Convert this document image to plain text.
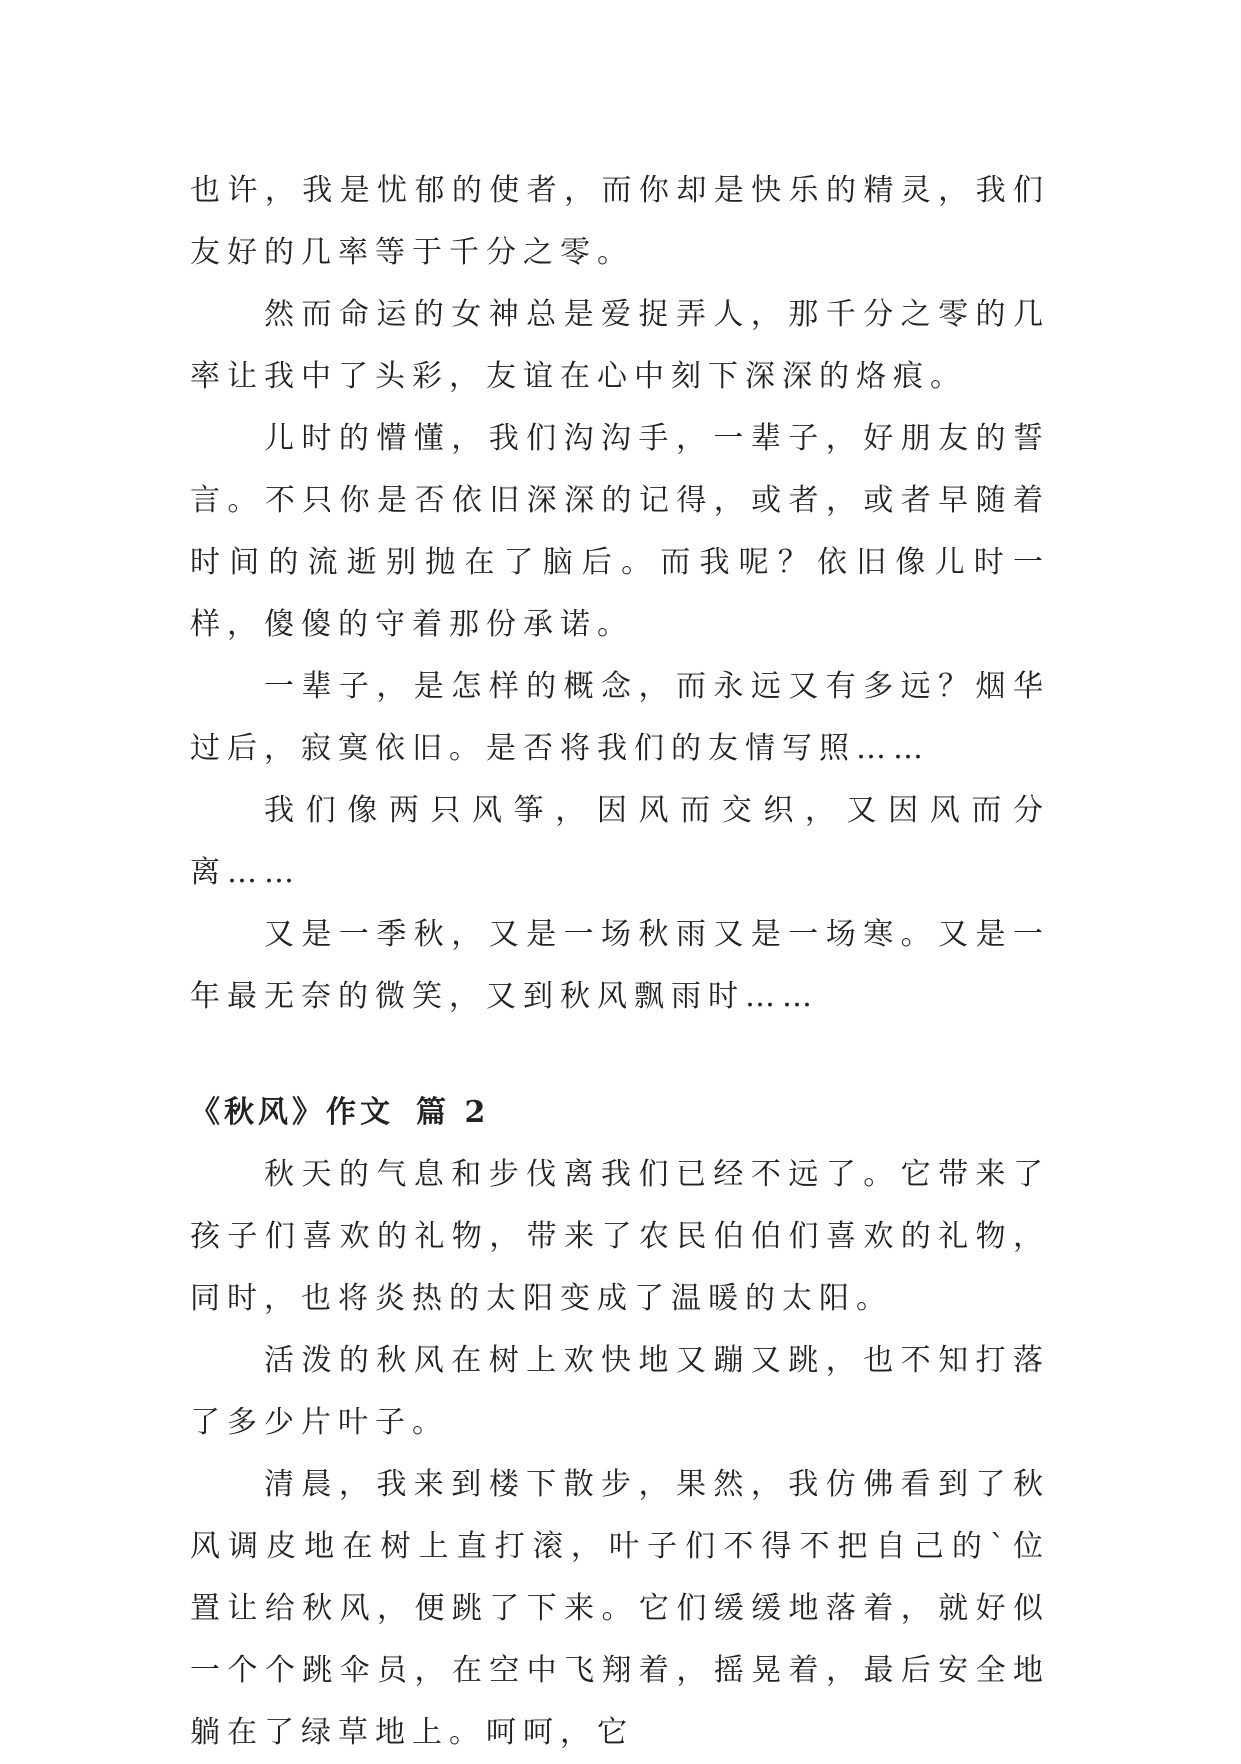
也许，我是忧郁的使者，而你却是快乐的精灵，我们友好的几率等于千分之零。

然而命运的女神总是爱捉弄人，那千分之零的几率让我中了头彩，友谊在心中刻下深深的烙痕。

儿时的懵懂，我们沟沟手，一辈子，好朋友的誓言。不只你是否依旧深深的记得，或者，或者早随着时间的流逝别抛在了脑后。而我呢？依旧像儿时一样，傻傻的守着那份承诺。

一辈子，是怎样的概念，而永远又有多远？烟华过后，寂寞依旧。是否将我们的友情写照……

我们像两只风筝，因风而交织，又因风而分离……

又是一季秋，又是一场秋雨又是一场寒。又是一年最无奈的微笑，又到秋风飘雨时……

《秋风》作文 篇 2

秋天的气息和步伐离我们已经不远了。它带来了孩子们喜欢的礼物，带来了农民伯伯们喜欢的礼物，同时，也将炎热的太阳变成了温暖的太阳。

活泼的秋风在树上欢快地又蹦又跳，也不知打落了多少片叶子。

清晨，我来到楼下散步，果然，我仿佛看到了秋风调皮地在树上直打滚，叶子们不得不把自己的`位置让给秋风，便跳了下来。它们缓缓地落着，就好似一个个跳伞员，在空中飞翔着，摇晃着，最后安全地躺在了绿草地上。呵呵，它
